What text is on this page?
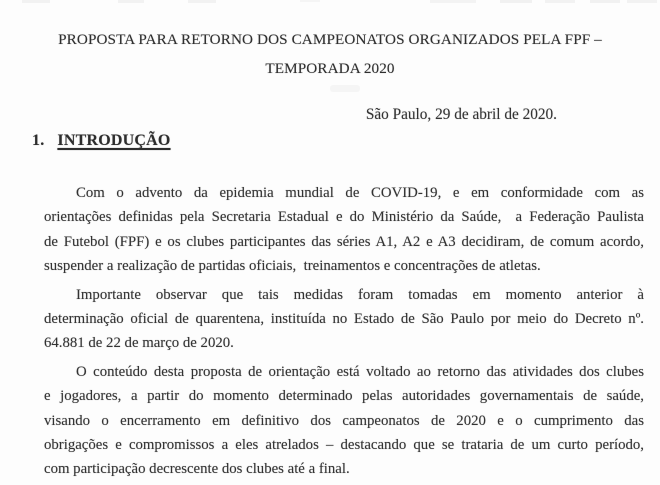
PROPOSTA PARA RETORNO DOS CAMPEONATOS ORGANIZADOS PELA FPF –
TEMPORADA 2020
São Paulo, 29 de abril de 2020.
1. INTRODUÇÃO
Com o advento da epidemia mundial de COVID-19, e em conformidade com as
orientações definidas pela Secretaria Estadual e do Ministério da Saúde,  a Federação Paulista
de Futebol (FPF) e os clubes participantes das séries A1, A2 e A3 decidiram, de comum acordo,
suspender a realização de partidas oficiais,  treinamentos e concentrações de atletas.
Importante observar que tais medidas foram tomadas em momento anterior à
determinação oficial de quarentena, instituída no Estado de São Paulo por meio do Decreto nº.
64.881 de 22 de março de 2020.
O conteúdo desta proposta de orientação está voltado ao retorno das atividades dos clubes
e jogadores, a partir do momento determinado pelas autoridades governamentais de saúde,
visando o encerramento em definitivo dos campeonatos de 2020 e o cumprimento das
obrigações e compromissos a eles atrelados – destacando que se trataria de um curto período,
com participação decrescente dos clubes até a final.
